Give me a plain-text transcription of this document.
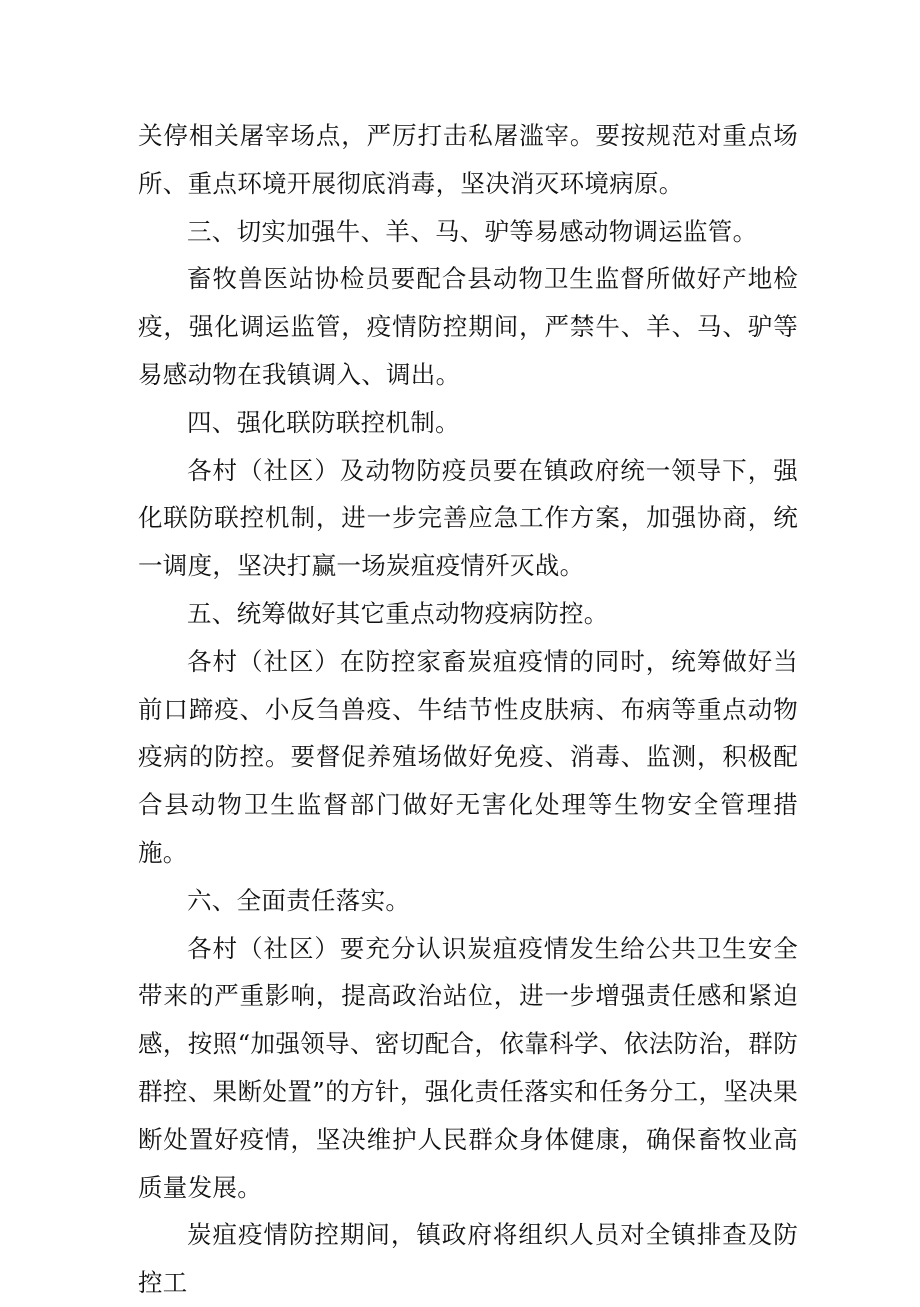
关停相关屠宰场点，严厉打击私屠滥宰。要按规范对重点场所、重点环境开展彻底消毒，坚决消灭环境病原。

三、切实加强牛、羊、马、驴等易感动物调运监管。

畜牧兽医站协检员要配合县动物卫生监督所做好产地检疫，强化调运监管，疫情防控期间，严禁牛、羊、马、驴等易感动物在我镇调入、调出。

四、强化联防联控机制。

各村（社区）及动物防疫员要在镇政府统一领导下，强化联防联控机制，进一步完善应急工作方案，加强协商，统一调度，坚决打赢一场炭疽疫情歼灭战。

五、统筹做好其它重点动物疫病防控。

各村（社区）在防控家畜炭疽疫情的同时，统筹做好当前口蹄疫、小反刍兽疫、牛结节性皮肤病、布病等重点动物疫病的防控。要督促养殖场做好免疫、消毒、监测，积极配合县动物卫生监督部门做好无害化处理等生物安全管理措施。

六、全面责任落实。

各村（社区）要充分认识炭疽疫情发生给公共卫生安全带来的严重影响，提高政治站位，进一步增强责任感和紧迫感，按照“加强领导、密切配合，依靠科学、依法防治，群防群控、果断处置”的方针，强化责任落实和任务分工，坚决果断处置好疫情，坚决维护人民群众身体健康，确保畜牧业高质量发展。

炭疽疫情防控期间，镇政府将组织人员对全镇排查及防控工
